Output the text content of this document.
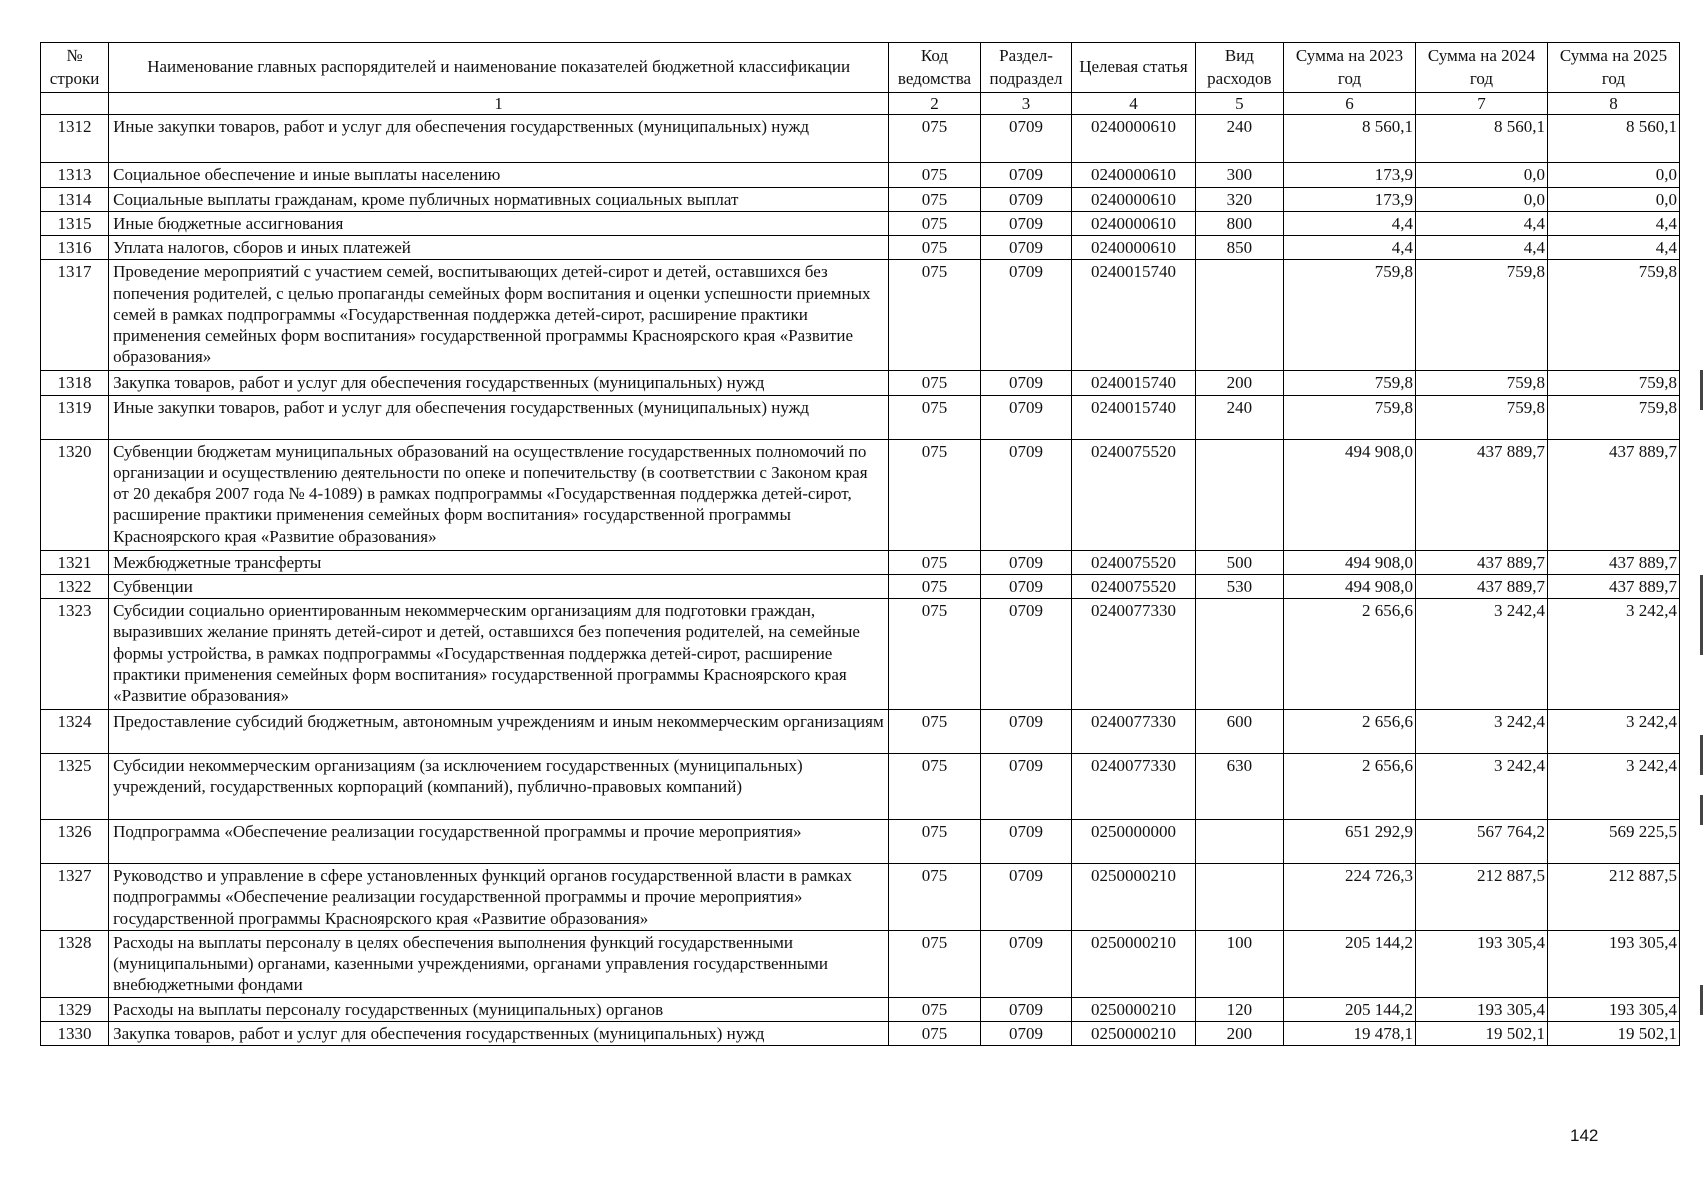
№ строки	Наименование главных распорядителей и наименование показателей бюджетной классификации	Код ведомства	Раздел-подраздел	Целевая статья	Вид расходов	Сумма на 2023 год	Сумма на 2024 год	Сумма на 2025 год
	1	2	3	4	5	6	7	8
1312	Иные закупки товаров, работ и услуг для обеспечения государственных (муниципальных) нужд	075	0709	0240000610	240	8 560,1	8 560,1	8 560,1
1313	Социальное обеспечение и иные выплаты населению	075	0709	0240000610	300	173,9	0,0	0,0
1314	Социальные выплаты гражданам, кроме публичных нормативных социальных выплат	075	0709	0240000610	320	173,9	0,0	0,0
1315	Иные бюджетные ассигнования	075	0709	0240000610	800	4,4	4,4	4,4
1316	Уплата налогов, сборов и иных платежей	075	0709	0240000610	850	4,4	4,4	4,4
1317	Проведение мероприятий с участием семей, воспитывающих детей-сирот и детей, оставшихся без попечения родителей, с целью пропаганды семейных форм воспитания и оценки успешности приемных семей в рамках подпрограммы «Государственная поддержка детей-сирот, расширение практики применения семейных форм воспитания» государственной программы Красноярского края «Развитие образования»	075	0709	0240015740		759,8	759,8	759,8
1318	Закупка товаров, работ и услуг для обеспечения государственных (муниципальных) нужд	075	0709	0240015740	200	759,8	759,8	759,8
1319	Иные закупки товаров, работ и услуг для обеспечения государственных (муниципальных) нужд	075	0709	0240015740	240	759,8	759,8	759,8
1320	Субвенции бюджетам муниципальных образований на осуществление государственных полномочий по организации и осуществлению деятельности по опеке и попечительству (в соответствии с Законом края от 20 декабря 2007 года № 4-1089) в рамках подпрограммы «Государственная поддержка детей-сирот, расширение практики применения семейных форм воспитания» государственной программы Красноярского края «Развитие образования»	075	0709	0240075520		494 908,0	437 889,7	437 889,7
1321	Межбюджетные трансферты	075	0709	0240075520	500	494 908,0	437 889,7	437 889,7
1322	Субвенции	075	0709	0240075520	530	494 908,0	437 889,7	437 889,7
1323	Субсидии социально ориентированным некоммерческим организациям для подготовки граждан, выразивших желание принять детей-сирот и детей, оставшихся без попечения родителей, на семейные формы устройства, в рамках подпрограммы «Государственная поддержка детей-сирот, расширение практики применения семейных форм воспитания» государственной программы Красноярского края «Развитие образования»	075	0709	0240077330		2 656,6	3 242,4	3 242,4
1324	Предоставление субсидий бюджетным, автономным учреждениям и иным некоммерческим организациям	075	0709	0240077330	600	2 656,6	3 242,4	3 242,4
1325	Субсидии некоммерческим организациям (за исключением государственных (муниципальных) учреждений, государственных корпораций (компаний), публично-правовых компаний)	075	0709	0240077330	630	2 656,6	3 242,4	3 242,4
1326	Подпрограмма «Обеспечение реализации государственной программы и прочие мероприятия»	075	0709	0250000000		651 292,9	567 764,2	569 225,5
1327	Руководство и управление в сфере установленных функций органов государственной власти в рамках подпрограммы «Обеспечение реализации государственной программы и прочие мероприятия» государственной программы Красноярского края «Развитие образования»	075	0709	0250000210		224 726,3	212 887,5	212 887,5
1328	Расходы на выплаты персоналу в целях обеспечения выполнения функций государственными (муниципальными) органами, казенными учреждениями, органами управления государственными внебюджетными фондами	075	0709	0250000210	100	205 144,2	193 305,4	193 305,4
1329	Расходы на выплаты персоналу государственных (муниципальных) органов	075	0709	0250000210	120	205 144,2	193 305,4	193 305,4
1330	Закупка товаров, работ и услуг для обеспечения государственных (муниципальных) нужд	075	0709	0250000210	200	19 478,1	19 502,1	19 502,1
142
